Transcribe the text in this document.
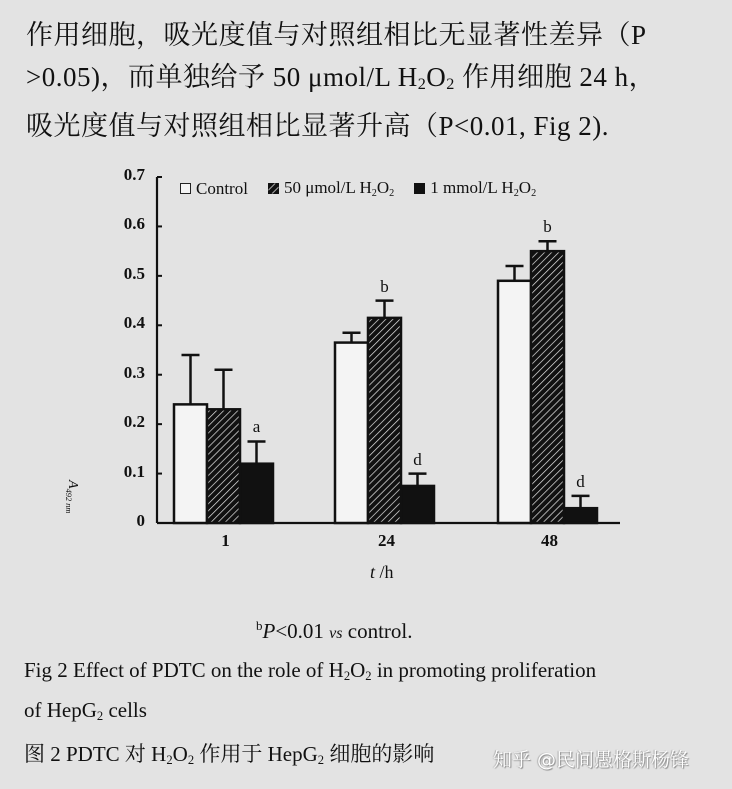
作用细胞，吸光度值与对照组相比无显著性差异（P
>0.05)，而单独给予 50 μmol/L $H_2O_2$ 作用细胞 24 h，
吸光度值与对照组相比显著升高（P<0.01, Fig 2).
0
0.1
0.2
0.3
0.4
0.5
0.6
0.7
Control 50 μmol/L $H_2O_2$ 1 mmol/L $H_2O_2$
1	24	48
t /h
$A_{492 nm}$
a
b
d
b
d
$^b$P<0.01 vs control.
Fig 2 Effect of PDTC on the role of $H_2O_2$ in promoting proliferation
of HepG$_2$ cells
图 2 PDTC 对 $H_2O_2$ 作用于 HepG$_2$ 细胞的影响	知乎 @民间愚格斯杨锋
